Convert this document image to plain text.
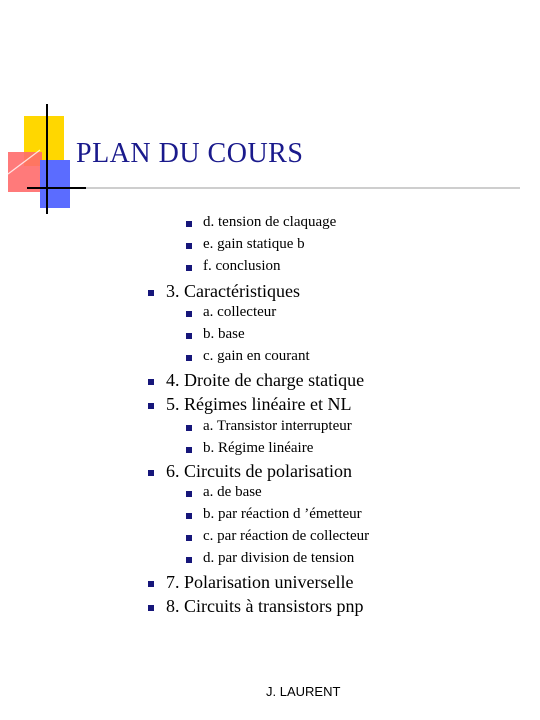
PLAN DU COURS
d. tension de claquage
e. gain statique b
f. conclusion
3. Caractéristiques
a. collecteur
b. base
c. gain en courant
4. Droite de charge statique
5. Régimes linéaire et NL
a. Transistor interrupteur
b. Régime linéaire
6. Circuits de polarisation
a. de base
b. par réaction d ’émetteur
c. par réaction de collecteur
d. par division de tension
7. Polarisation universelle
8. Circuits à transistors pnp
J. LAURENT
